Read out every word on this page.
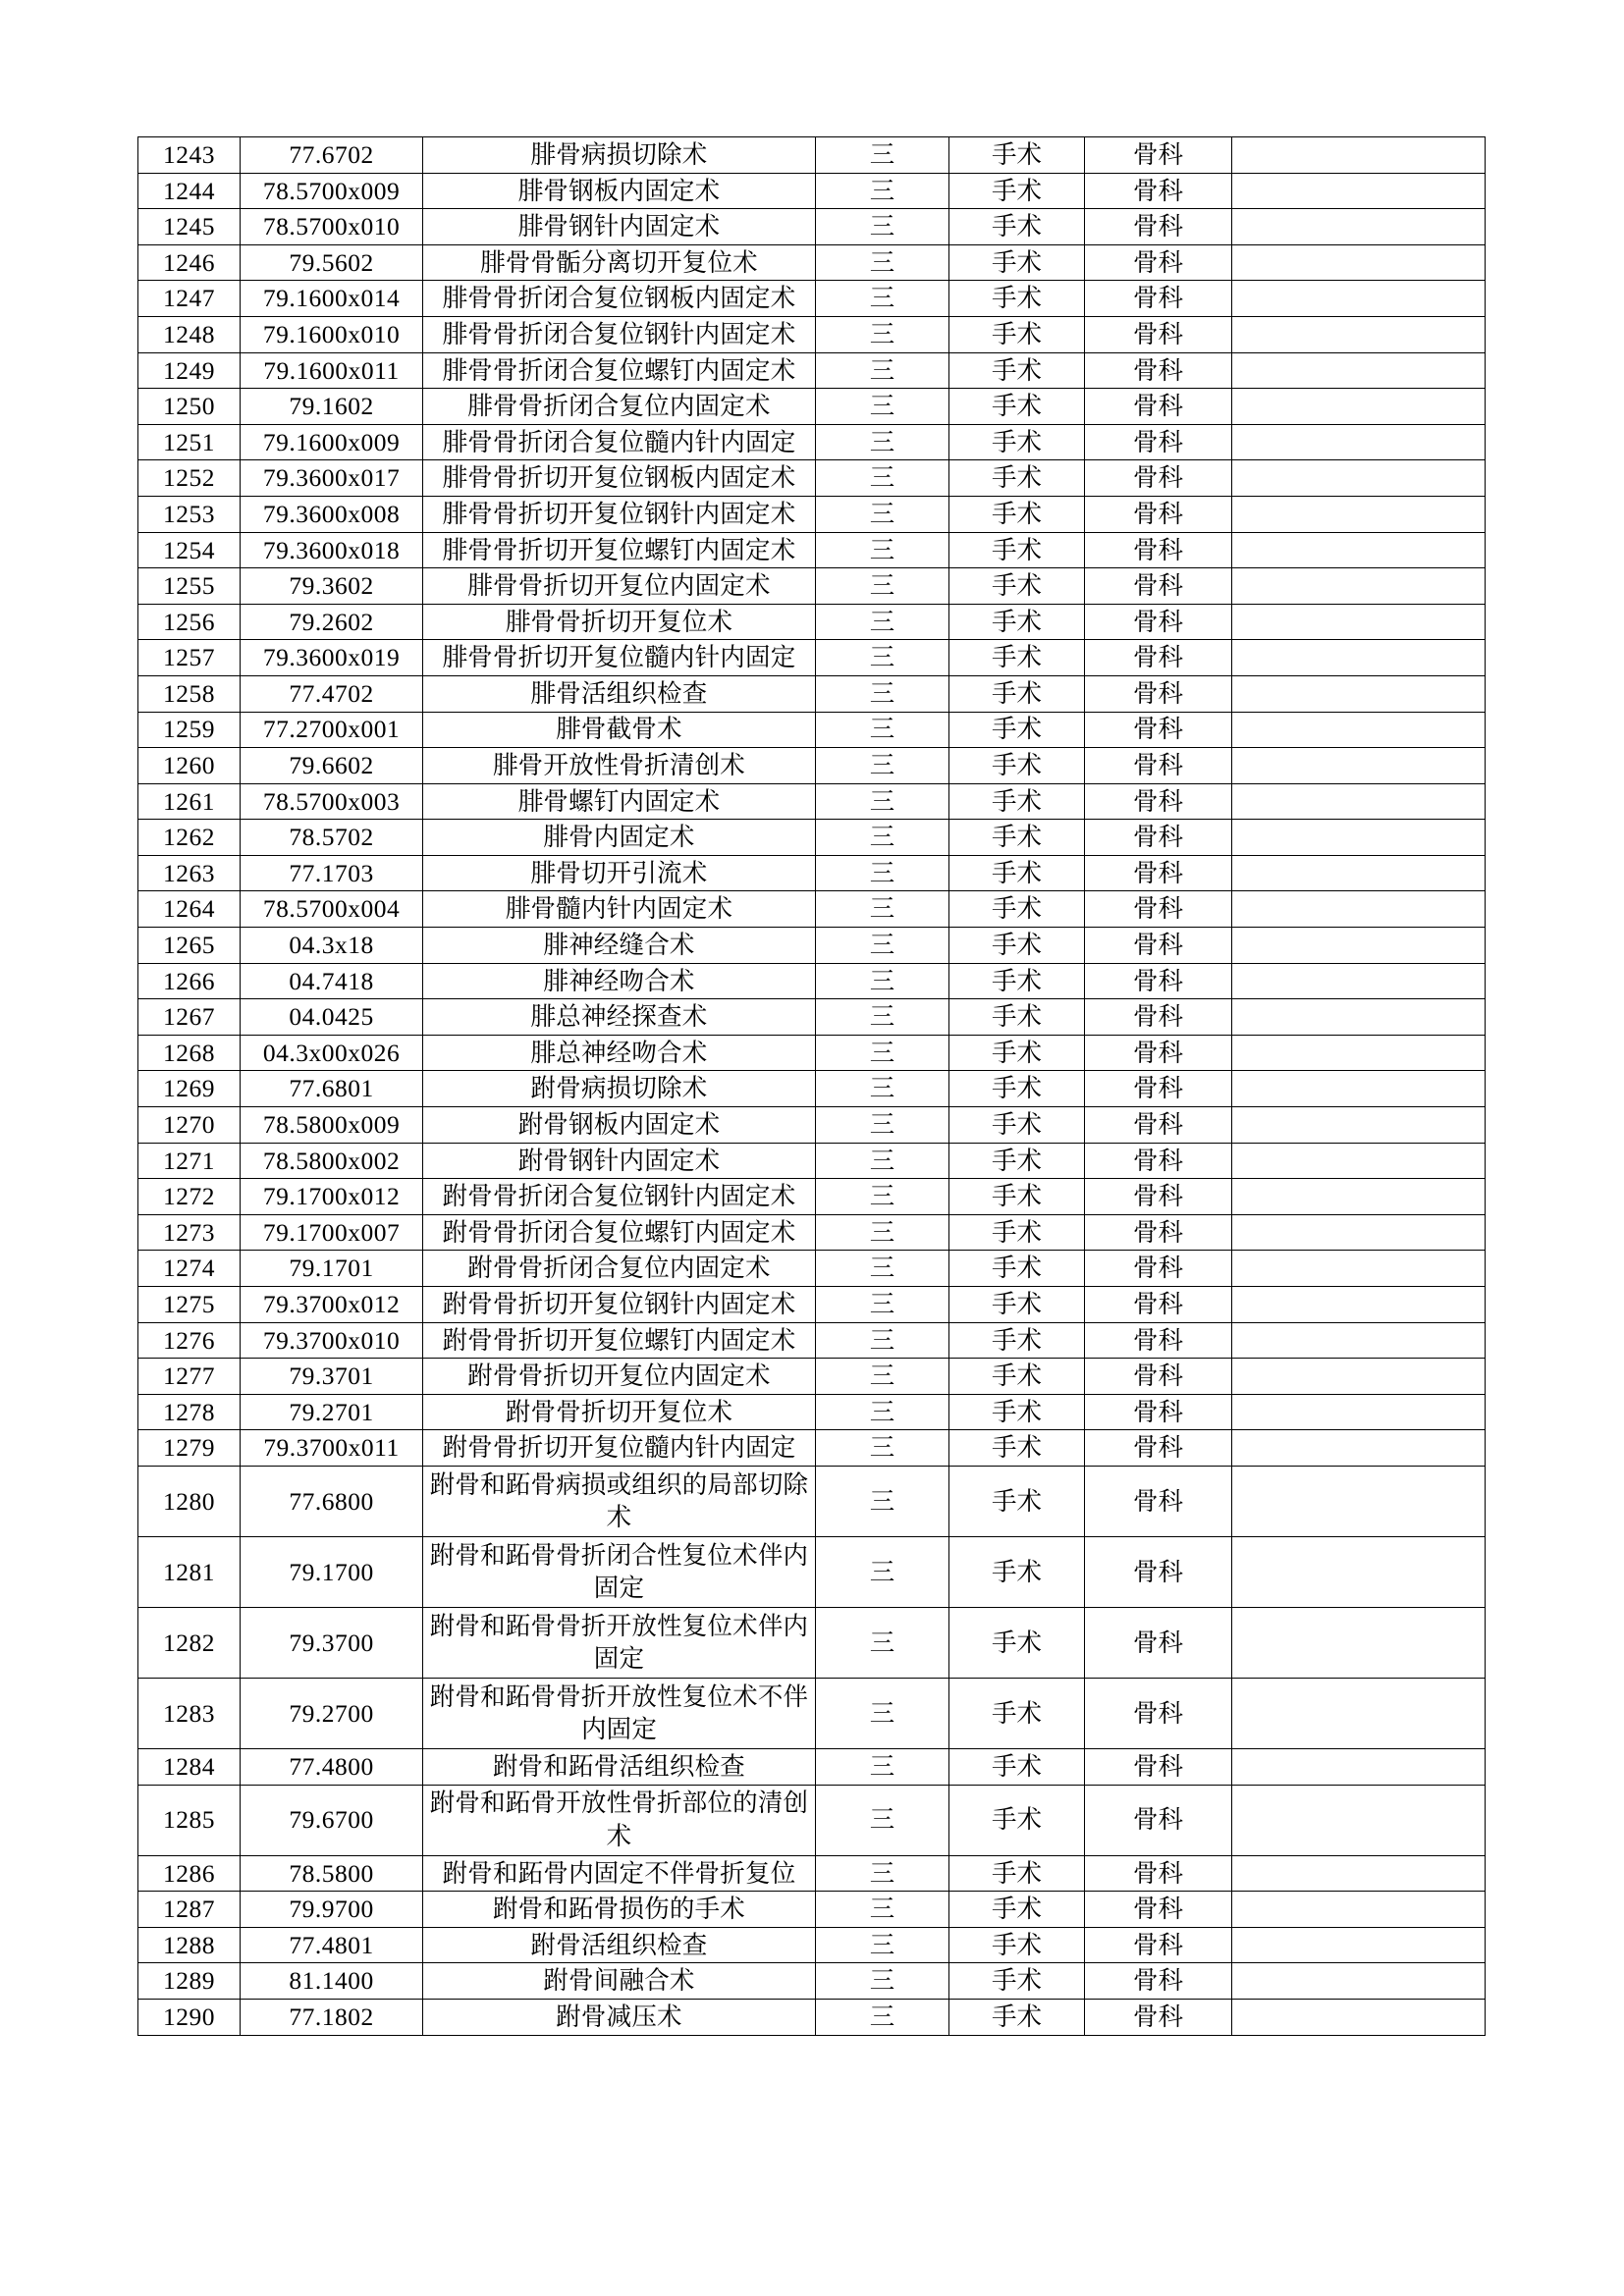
1243	77.6702	腓骨病损切除术	三	手术	骨科	
1244	78.5700x009	腓骨钢板内固定术	三	手术	骨科	
1245	78.5700x010	腓骨钢针内固定术	三	手术	骨科	
1246	79.5602	腓骨骨骺分离切开复位术	三	手术	骨科	
1247	79.1600x014	腓骨骨折闭合复位钢板内固定术	三	手术	骨科	
1248	79.1600x010	腓骨骨折闭合复位钢针内固定术	三	手术	骨科	
1249	79.1600x011	腓骨骨折闭合复位螺钉内固定术	三	手术	骨科	
1250	79.1602	腓骨骨折闭合复位内固定术	三	手术	骨科	
1251	79.1600x009	腓骨骨折闭合复位髓内针内固定	三	手术	骨科	
1252	79.3600x017	腓骨骨折切开复位钢板内固定术	三	手术	骨科	
1253	79.3600x008	腓骨骨折切开复位钢针内固定术	三	手术	骨科	
1254	79.3600x018	腓骨骨折切开复位螺钉内固定术	三	手术	骨科	
1255	79.3602	腓骨骨折切开复位内固定术	三	手术	骨科	
1256	79.2602	腓骨骨折切开复位术	三	手术	骨科	
1257	79.3600x019	腓骨骨折切开复位髓内针内固定	三	手术	骨科	
1258	77.4702	腓骨活组织检查	三	手术	骨科	
1259	77.2700x001	腓骨截骨术	三	手术	骨科	
1260	79.6602	腓骨开放性骨折清创术	三	手术	骨科	
1261	78.5700x003	腓骨螺钉内固定术	三	手术	骨科	
1262	78.5702	腓骨内固定术	三	手术	骨科	
1263	77.1703	腓骨切开引流术	三	手术	骨科	
1264	78.5700x004	腓骨髓内针内固定术	三	手术	骨科	
1265	04.3x18	腓神经缝合术	三	手术	骨科	
1266	04.7418	腓神经吻合术	三	手术	骨科	
1267	04.0425	腓总神经探查术	三	手术	骨科	
1268	04.3x00x026	腓总神经吻合术	三	手术	骨科	
1269	77.6801	跗骨病损切除术	三	手术	骨科	
1270	78.5800x009	跗骨钢板内固定术	三	手术	骨科	
1271	78.5800x002	跗骨钢针内固定术	三	手术	骨科	
1272	79.1700x012	跗骨骨折闭合复位钢针内固定术	三	手术	骨科	
1273	79.1700x007	跗骨骨折闭合复位螺钉内固定术	三	手术	骨科	
1274	79.1701	跗骨骨折闭合复位内固定术	三	手术	骨科	
1275	79.3700x012	跗骨骨折切开复位钢针内固定术	三	手术	骨科	
1276	79.3700x010	跗骨骨折切开复位螺钉内固定术	三	手术	骨科	
1277	79.3701	跗骨骨折切开复位内固定术	三	手术	骨科	
1278	79.2701	跗骨骨折切开复位术	三	手术	骨科	
1279	79.3700x011	跗骨骨折切开复位髓内针内固定	三	手术	骨科	
1280	77.6800	跗骨和跖骨病损或组织的局部切除术	三	手术	骨科	
1281	79.1700	跗骨和跖骨骨折闭合性复位术伴内固定	三	手术	骨科	
1282	79.3700	跗骨和跖骨骨折开放性复位术伴内固定	三	手术	骨科	
1283	79.2700	跗骨和跖骨骨折开放性复位术不伴内固定	三	手术	骨科	
1284	77.4800	跗骨和跖骨活组织检查	三	手术	骨科	
1285	79.6700	跗骨和跖骨开放性骨折部位的清创术	三	手术	骨科	
1286	78.5800	跗骨和跖骨内固定不伴骨折复位	三	手术	骨科	
1287	79.9700	跗骨和跖骨损伤的手术	三	手术	骨科	
1288	77.4801	跗骨活组织检查	三	手术	骨科	
1289	81.1400	跗骨间融合术	三	手术	骨科	
1290	77.1802	跗骨减压术	三	手术	骨科	
